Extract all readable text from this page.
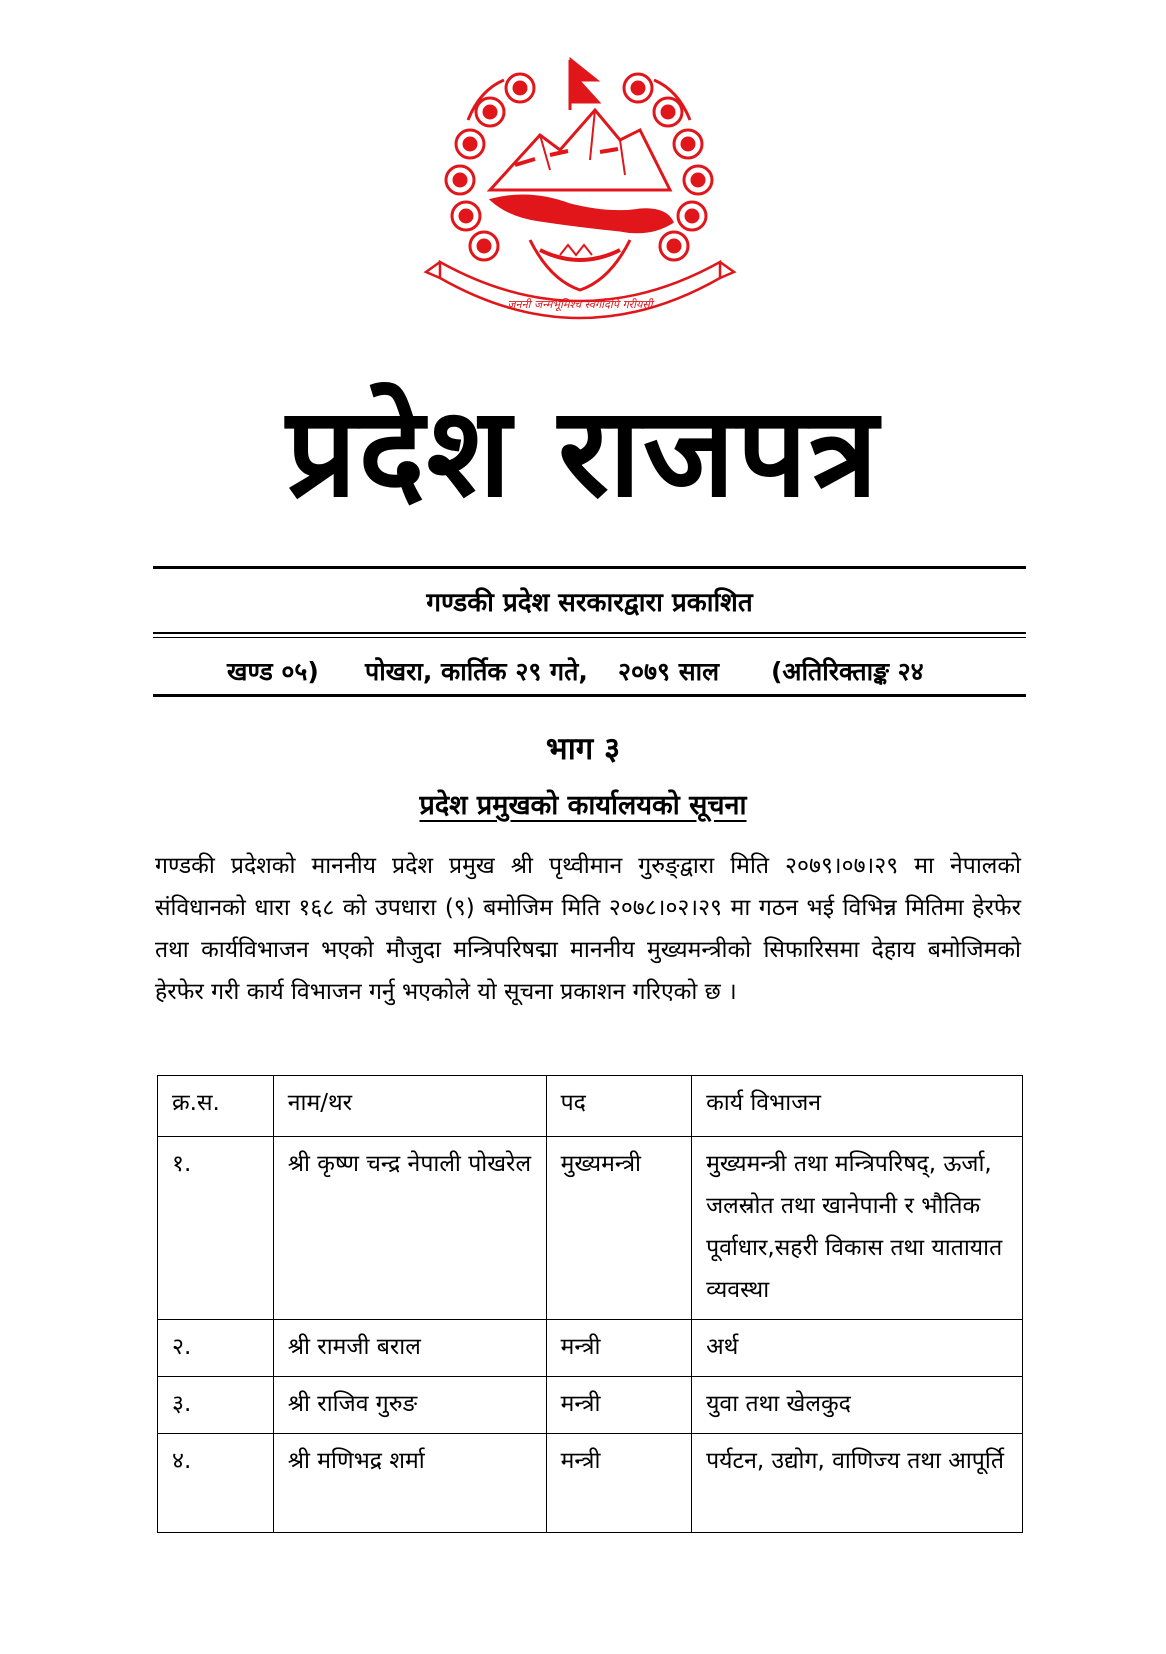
जननी जन्मभूमिश्च स्वर्गादपि गरीयसी
प्रदेश राजपत्र
गण्डकी प्रदेश सरकारद्वारा प्रकाशित
खण्ड ०५) पोखरा, कार्तिक २९ गते, २०७९ साल (अतिरिक्ताङ्क २४
भाग ३
प्रदेश प्रमुखको कार्यालयको सूचना
गण्डकी प्रदेशको माननीय प्रदेश प्रमुख श्री पृथ्वीमान गुरुङ्द्वारा मिति २०७९।०७।२९ मा नेपालको संविधानको धारा १६८ को उपधारा (९) बमोजिम मिति २०७८।०२।२९ मा गठन भई विभिन्न मितिमा हेरफेर तथा कार्यविभाजन भएको मौजुदा मन्त्रिपरिषद्मा माननीय मुख्यमन्त्रीको सिफारिसमा देहाय बमोजिमको हेरफेर गरी कार्य विभाजन गर्नु भएकोले यो सूचना प्रकाशन गरिएको छ ।
क्र.स.	नाम/थर	पद	कार्य विभाजन
१.	श्री कृष्ण चन्द्र नेपाली पोखरेल	मुख्यमन्त्री	मुख्यमन्त्री तथा मन्त्रिपरिषद्, ऊर्जा, जलस्रोत तथा खानेपानी र भौतिक पूर्वाधार,सहरी विकास तथा यातायात व्यवस्था
२.	श्री रामजी बराल	मन्त्री	अर्थ
३.	श्री राजिव गुरुङ	मन्त्री	युवा तथा खेलकुद
४.	श्री मणिभद्र शर्मा	मन्त्री	पर्यटन, उद्योग, वाणिज्य तथा आपूर्ति
